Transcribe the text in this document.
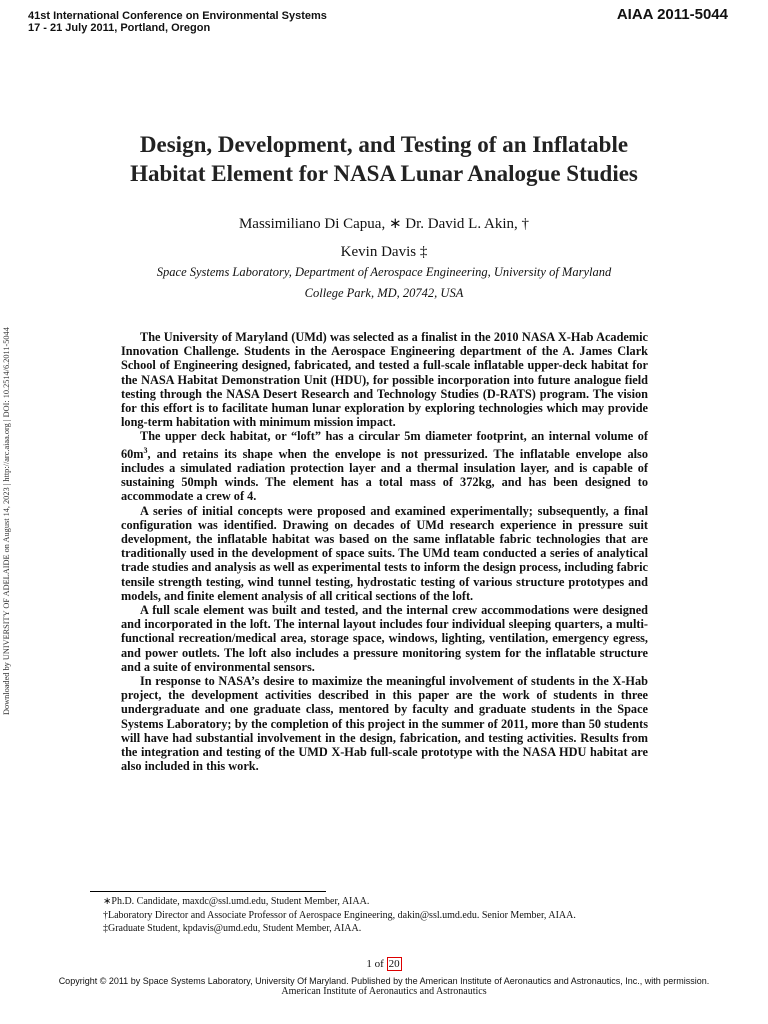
41st International Conference on Environmental Systems
17 - 21 July 2011, Portland, Oregon
AIAA 2011-5044
Design, Development, and Testing of an Inflatable
Habitat Element for NASA Lunar Analogue Studies
Massimiliano Di Capua, ∗ Dr. David L. Akin, †
Kevin Davis ‡
Space Systems Laboratory, Department of Aerospace Engineering, University of Maryland
College Park, MD, 20742, USA

The University of Maryland (UMd) was selected as a finalist in the 2010 NASA X-Hab Academic Innovation Challenge. Students in the Aerospace Engineering department of the A. James Clark School of Engineering designed, fabricated, and tested a full-scale inflatable upper-deck habitat for the NASA Habitat Demonstration Unit (HDU), for possible incorporation into future analogue field testing through the NASA Desert Research and Technology Studies (D-RATS) program. The vision for this effort is to facilitate human lunar exploration by exploring technologies which may provide long-term habitation with minimum mission impact.

The upper deck habitat, or “loft” has a circular 5m diameter footprint, an internal volume of $60m^3$, and retains its shape when the envelope is not pressurized. The inflatable envelope also includes a simulated radiation protection layer and a thermal insulation layer, and is capable of sustaining 50mph winds. The element has a total mass of 372kg, and has been designed to accommodate a crew of 4.

A series of initial concepts were proposed and examined experimentally; subsequently, a final configuration was identified. Drawing on decades of UMd research experience in pressure suit development, the inflatable habitat was based on the same inflatable fabric technologies that are traditionally used in the development of space suits. The UMd team conducted a series of analytical trade studies and analysis as well as experimental tests to inform the design process, including fabric tensile strength testing, wind tunnel testing, hydrostatic testing of various structure prototypes and models, and finite element analysis of all critical sections of the loft.

A full scale element was built and tested, and the internal crew accommodations were designed and incorporated in the loft. The internal layout includes four individual sleeping quarters, a multi-functional recreation/medical area, storage space, windows, lighting, ventilation, emergency egress, and power outlets. The loft also includes a pressure monitoring system for the inflatable structure and a suite of environmental sensors.

In response to NASA’s desire to maximize the meaningful involvement of students in the X-Hab project, the development activities described in this paper are the work of students in three undergraduate and one graduate class, mentored by faculty and graduate students in the Space Systems Laboratory; by the completion of this project in the summer of 2011, more than 50 students will have had substantial involvement in the design, fabrication, and testing activities. Results from the integration and testing of the UMD X-Hab full-scale prototype with the NASA HDU habitat are also included in this work.

Downloaded by UNIVERSITY OF ADELAIDE on August 14, 2023 | http://arc.aiaa.org | DOI: 10.2514/6.2011-5044
∗Ph.D. Candidate, maxdc@ssl.umd.edu, Student Member, AIAA.
†Laboratory Director and Associate Professor of Aerospace Engineering, dakin@ssl.umd.edu. Senior Member, AIAA.
‡Graduate Student, kpdavis@umd.edu, Student Member, AIAA.
1 of 20
Copyright © 2011 by Space Systems Laboratory, University Of Maryland. Published by the American Institute of Aeronautics and Astronautics, Inc., with permission.
American Institute of Aeronautics and Astronautics
